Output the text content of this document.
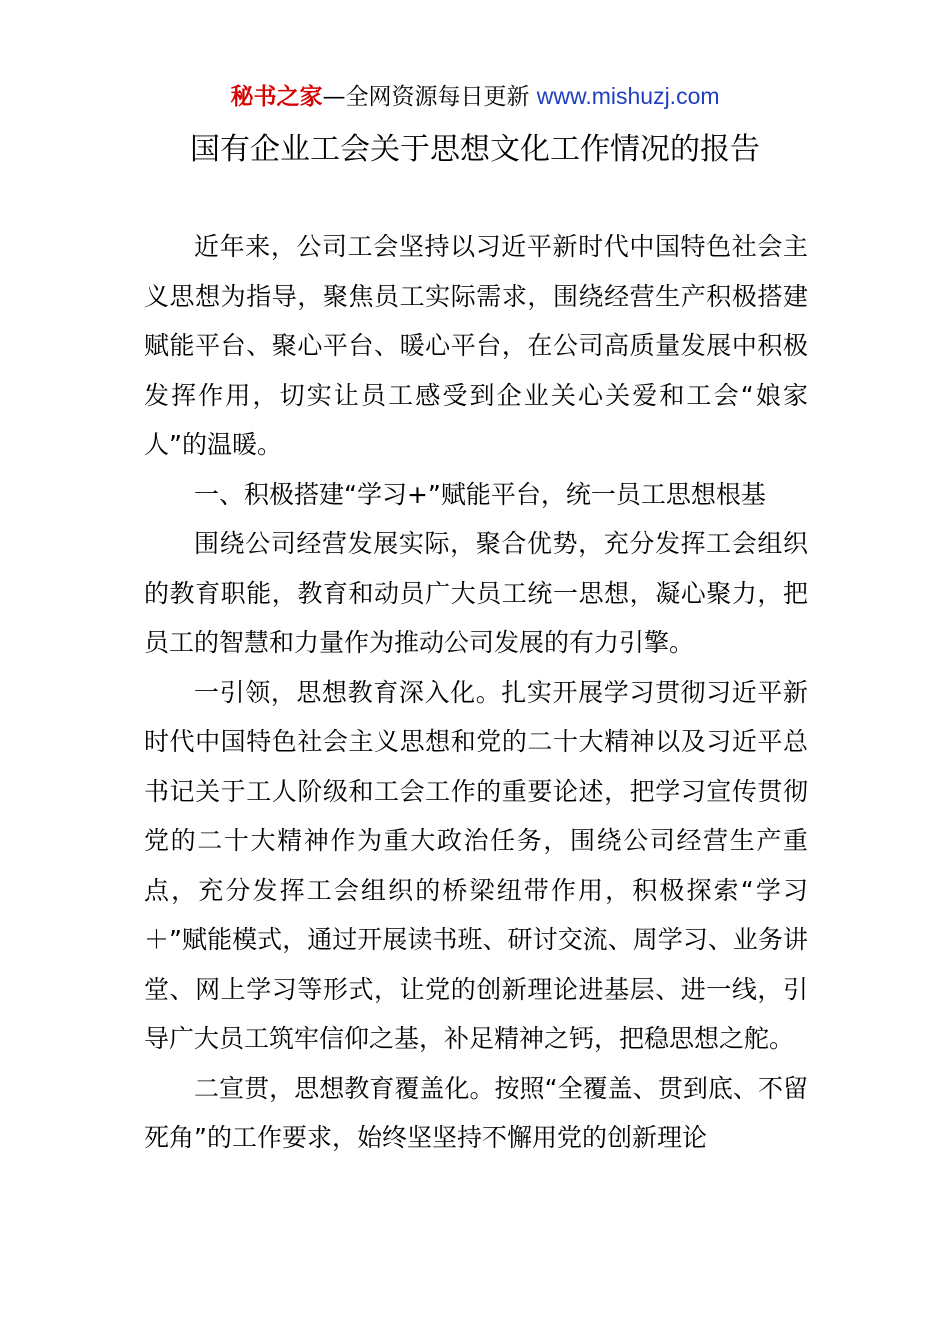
秘书之家—全网资源每日更新 www.mishuzj.com
国有企业工会关于思想文化工作情况的报告

近年来，公司工会坚持以习近平新时代中国特色社会主义思想为指导，聚焦员工实际需求，围绕经营生产积极搭建赋能平台、聚心平台、暖心平台，在公司高质量发展中积极发挥作用，切实让员工感受到企业关心关爱和工会“娘家人”的温暖。

一、积极搭建“学习+”赋能平台，统一员工思想根基

围绕公司经营发展实际，聚合优势，充分发挥工会组织的教育职能，教育和动员广大员工统一思想，凝心聚力，把员工的智慧和力量作为推动公司发展的有力引擎。

一引领，思想教育深入化。扎实开展学习贯彻习近平新时代中国特色社会主义思想和党的二十大精神以及习近平总书记关于工人阶级和工会工作的重要论述，把学习宣传贯彻党的二十大精神作为重大政治任务，围绕公司经营生产重点，充分发挥工会组织的桥梁纽带作用，积极探索“学习＋”赋能模式，通过开展读书班、研讨交流、周学习、业务讲堂、网上学习等形式，让党的创新理论进基层、进一线，引导广大员工筑牢信仰之基，补足精神之钙，把稳思想之舵。

二宣贯，思想教育覆盖化。按照“全覆盖、贯到底、不留死角”的工作要求，始终坚坚持不懈用党的创新理论
